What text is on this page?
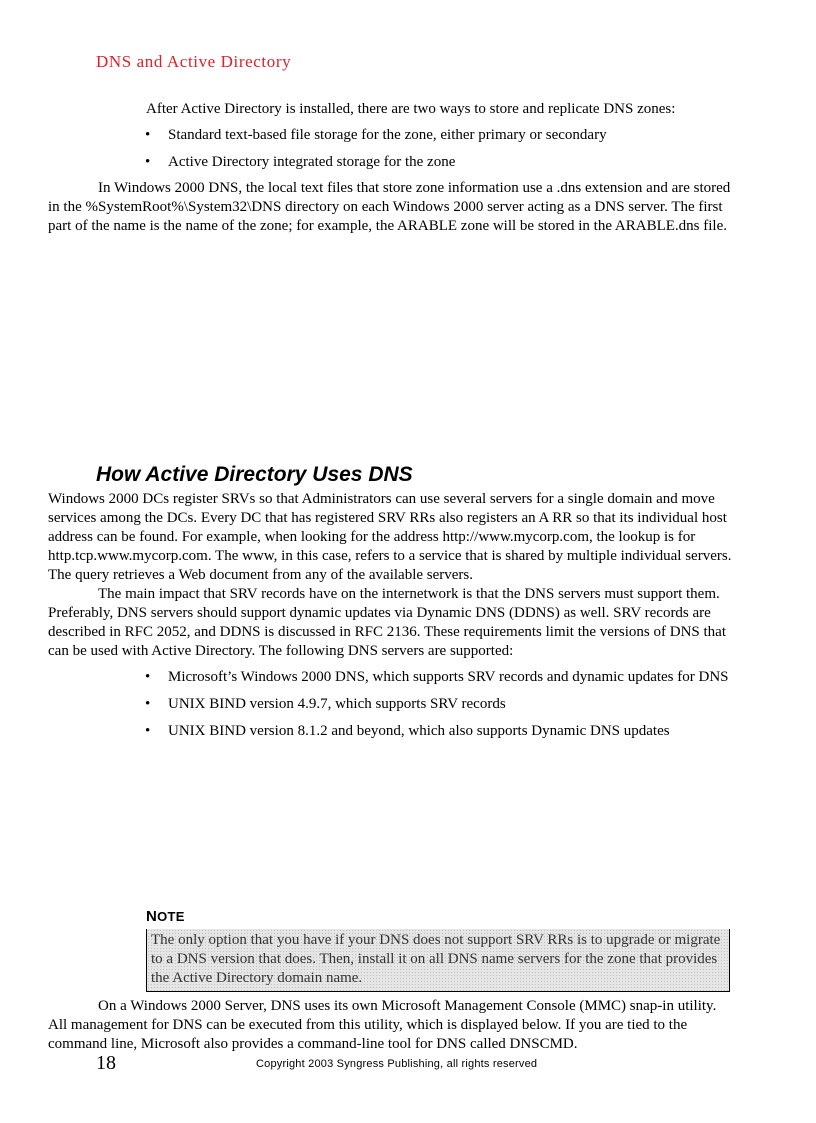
DNS and Active Directory

After Active Directory is installed, there are two ways to store and replicate DNS zones:

• Standard text-based file storage for the zone, either primary or secondary
• Active Directory integrated storage for the zone

In Windows 2000 DNS, the local text files that store zone information use a .dns extension and are stored in the %SystemRoot%\System32\DNS directory on each Windows 2000 server acting as a DNS server. The first part of the name is the name of the zone; for example, the ARABLE zone will be stored in the ARABLE.dns file.

How Active Directory Uses DNS

Windows 2000 DCs register SRVs so that Administrators can use several servers for a single domain and move services among the DCs. Every DC that has registered SRV RRs also registers an A RR so that its individual host address can be found. For example, when looking for the address http://www.mycorp.com, the lookup is for http.tcp.www.mycorp.com. The www, in this case, refers to a service that is shared by multiple individual servers. The query retrieves a Web document from any of the available servers.

The main impact that SRV records have on the internetwork is that the DNS servers must support them. Preferably, DNS servers should support dynamic updates via Dynamic DNS (DDNS) as well. SRV records are described in RFC 2052, and DDNS is discussed in RFC 2136. These requirements limit the versions of DNS that can be used with Active Directory. The following DNS servers are supported:

• Microsoft’s Windows 2000 DNS, which supports SRV records and dynamic updates for DNS
• UNIX BIND version 4.9.7, which supports SRV records
• UNIX BIND version 8.1.2 and beyond, which also supports Dynamic DNS updates
NOTE
The only option that you have if your DNS does not support SRV RRs is to upgrade or migrate to a DNS version that does. Then, install it on all DNS name servers for the zone that provides the Active Directory domain name.

On a Windows 2000 Server, DNS uses its own Microsoft Management Console (MMC) snap-in utility. All management for DNS can be executed from this utility, which is displayed below. If you are tied to the command line, Microsoft also provides a command-line tool for DNS called DNSCMD.

18	Copyright 2003 Syngress Publishing, all rights reserved
